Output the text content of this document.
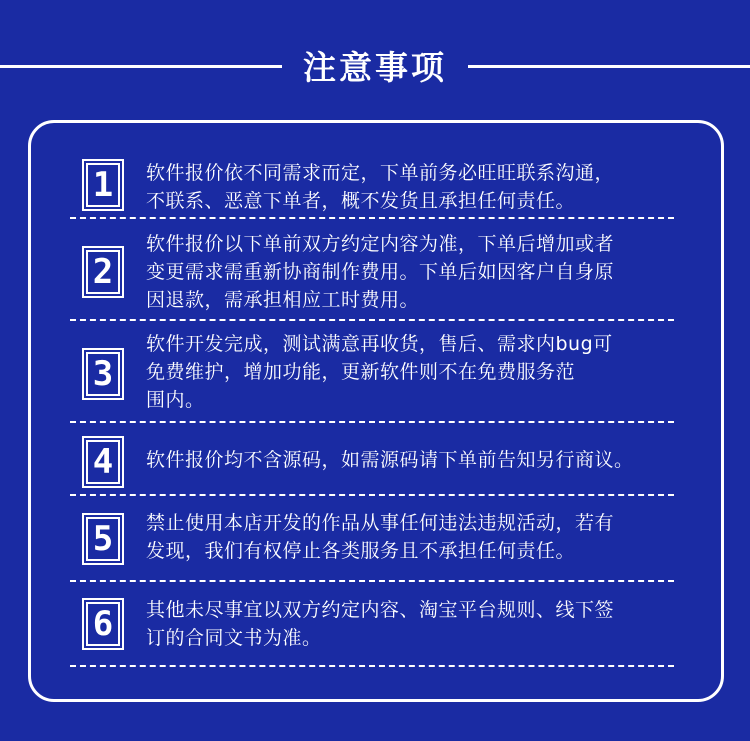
注意事项
1	软件报价依不同需求而定，下单前务必旺旺联系沟通，
不联系、恶意下单者，概不发货且承担任何责任。
2
软件报价以下单前双方约定内容为准，下单后增加或者
变更需求需重新协商制作费用。下单后如因客户自身原
因退款，需承担相应工时费用。
3
软件开发完成，测试满意再收货，售后、需求内bug可
免费维护，增加功能，更新软件则不在免费服务范
围内。
4	软件报价均不含源码，如需源码请下单前告知另行商议。
5	禁止使用本店开发的作品从事任何违法违规活动，若有
发现，我们有权停止各类服务且不承担任何责任。
6	其他未尽事宜以双方约定内容、淘宝平台规则、线下签
订的合同文书为准。
